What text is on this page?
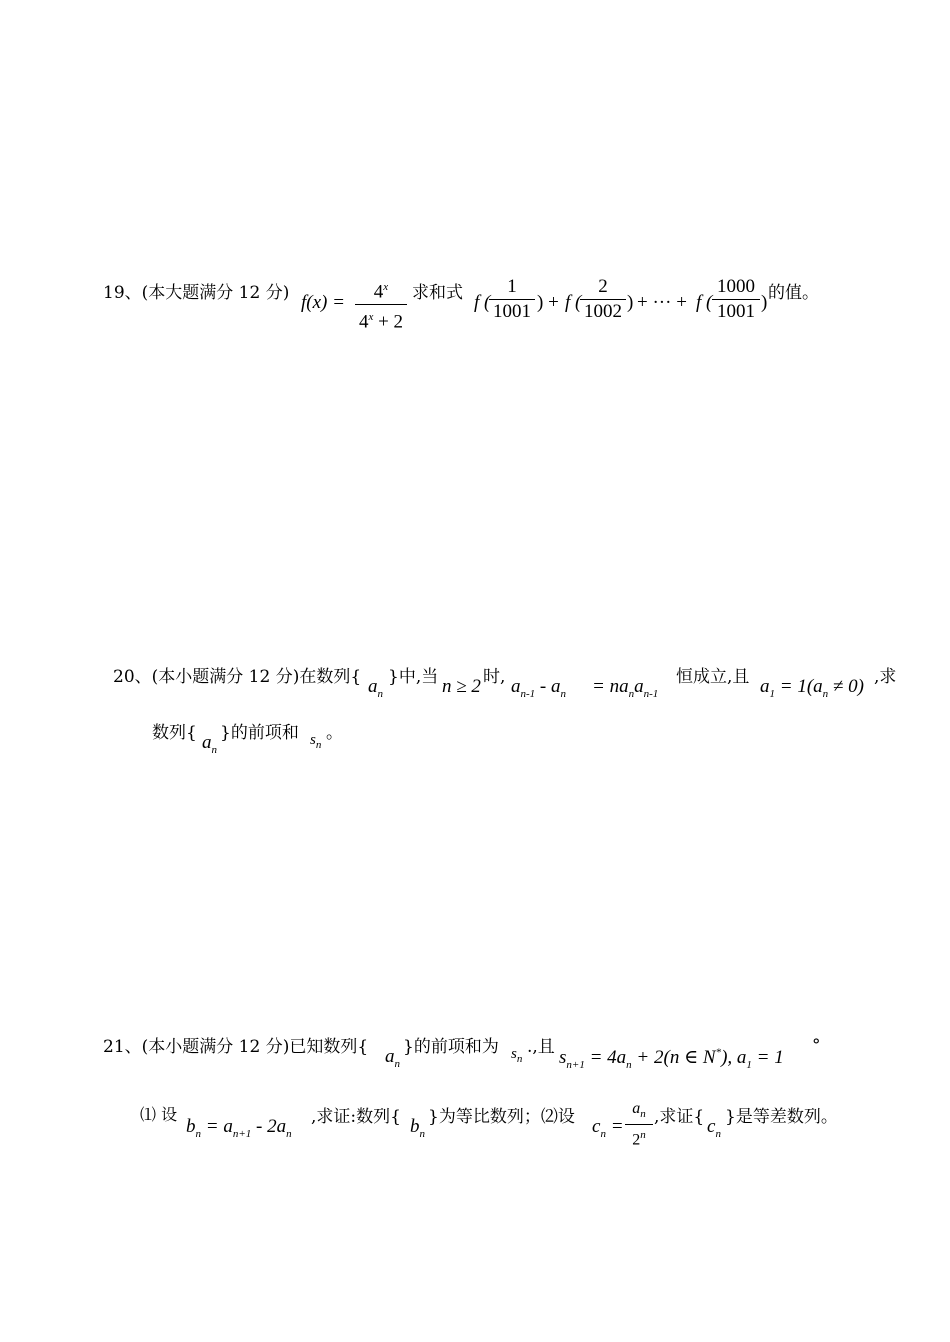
19、(本大题满分 12 分) f(x) =
$4^x$
$4^x + 2$
求和式 f (
1
1001 ) + f (
2
1002 ) + ··· + f (
1000
1001 ) 的值。
20、(本小题满分 12 分)在数列{ $a_n$
}中,当 n ≥ 2 时, $a_{n-1} - a_n = na_na_{n-1}$
恒成立,且 $a_1 = 1(a_n \ne 0)$ ,求
数列{ $a_n$
}的前项和 $s_n$
。
21、(本小题满分 12 分)已知数列{ $a_n$
}的前项和为 $s_n$
.,且 $s_{n+1} = 4a_n + 2(n$ ∈ N*), $a_1 = 1$
°
⑴ 设
$b_n = a_{n+1} - 2a_n$
,求证:数列{ $b_n$
}为等比数列；⑵设 $c_n$ =
$a_n$
2$^n$
,求证{ $c_n$
}是等差数列。
